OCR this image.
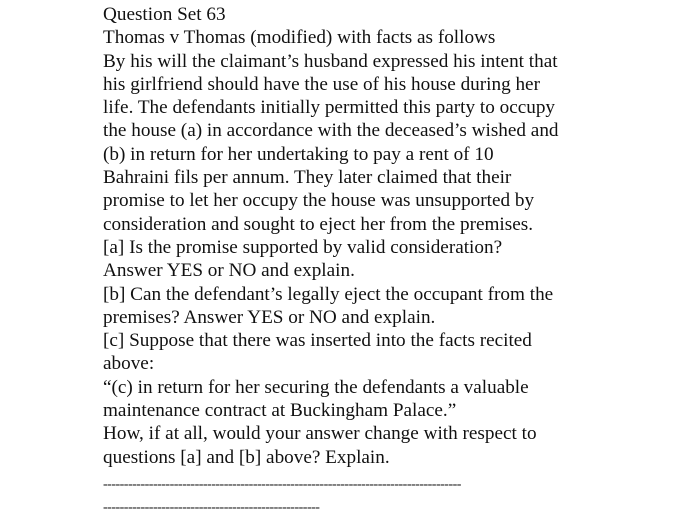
Question Set 63
Thomas v Thomas (modified) with facts as follows
By his will the claimant’s husband expressed his intent that
his girlfriend should have the use of his house during her
life. The defendants initially permitted this party to occupy
the house (a) in accordance with the deceased’s wished and
(b) in return for her undertaking to pay a rent of 10
Bahraini fils per annum. They later claimed that their
promise to let her occupy the house was unsupported by
consideration and sought to eject her from the premises.
[a] Is the promise supported by valid consideration?
Answer YES or NO and explain.
[b] Can the defendant’s legally eject the occupant from the
premises? Answer YES or NO and explain.
[c] Suppose that there was inserted into the facts recited
above:
“(c) in return for her securing the defendants a valuable
maintenance contract at Buckingham Palace.”
How, if at all, would your answer change with respect to
questions [a] and [b] above? Explain.
--------------------------------------------------------------------------------------
----------------------------------------------------
